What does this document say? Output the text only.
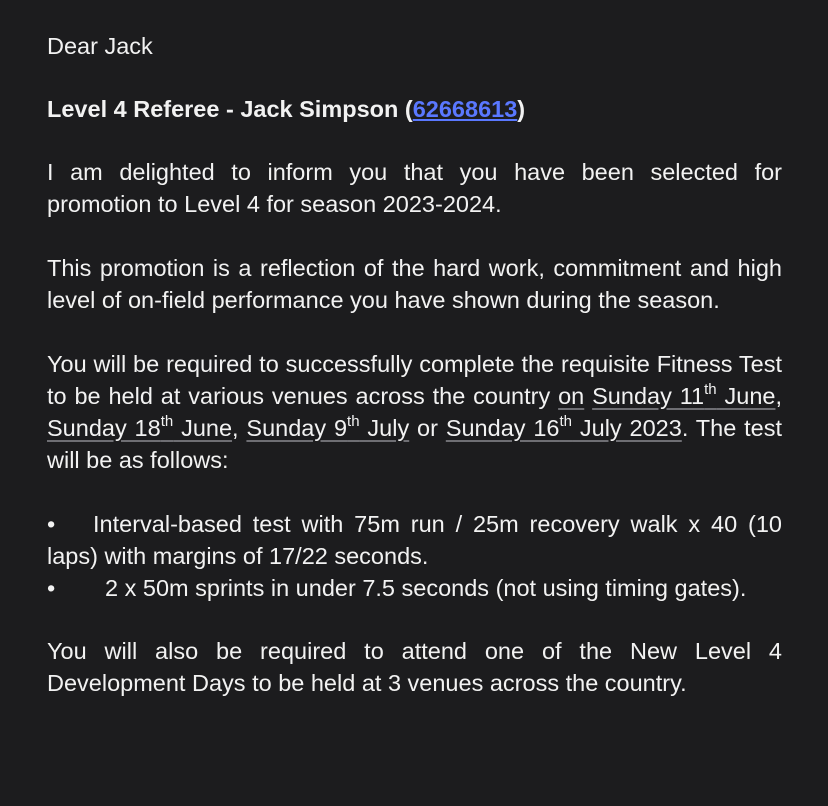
Dear Jack

Level 4 Referee - Jack Simpson (62668613)

I am delighted to inform you that you have been selected for promotion to Level 4 for season 2023-2024.

This promotion is a reflection of the hard work, commitment and high level of on-field performance you have shown during the season.

You will be required to successfully complete the requisite Fitness Test to be held at various venues across the country on Sunday 11th June, Sunday 18th June, Sunday 9th July or Sunday 16th July 2023. The test will be as follows:

• Interval-based test with 75m run / 25m recovery walk x 40 (10 laps) with margins of 17/22 seconds.

• 2 x 50m sprints in under 7.5 seconds (not using timing gates).

You will also be required to attend one of the New Level 4 Development Days to be held at 3 venues across the country.
